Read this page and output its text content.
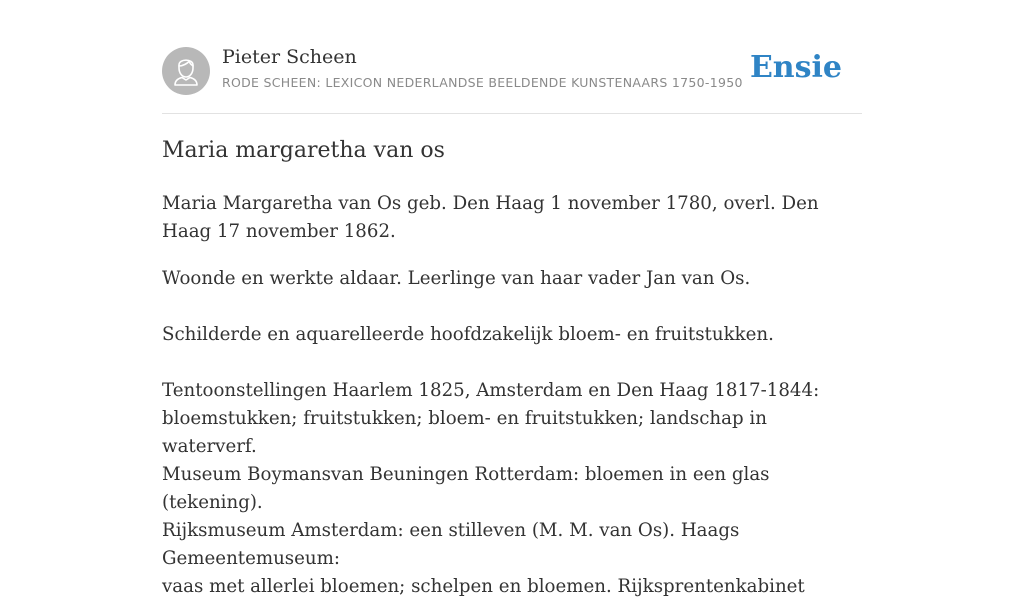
Pieter Scheen
RODE SCHEEN: LEXICON NEDERLANDSE BEELDENDE KUNSTENAARS 1750-1950 Ensie
Maria margaretha van os

Maria Margaretha van Os geb. Den Haag 1 november 1780, overl. Den Haag 17 november 1862.

Woonde en werkte aldaar. Leerlinge van haar vader Jan van Os.

Schilderde en aquarelleerde hoofdzakelijk bloem- en fruitstukken.

Tentoonstellingen Haarlem 1825, Amsterdam en Den Haag 1817-1844:
bloemstukken; fruitstukken; bloem- en fruitstukken; landschap in waterverf.
Museum Boymansvan Beuningen Rotterdam: bloemen in een glas (tekening).
Rijksmuseum Amsterdam: een stilleven (M. M. van Os). Haags Gemeentemuseum:
vaas met allerlei bloemen; schelpen en bloemen. Rijksprentenkabinet
